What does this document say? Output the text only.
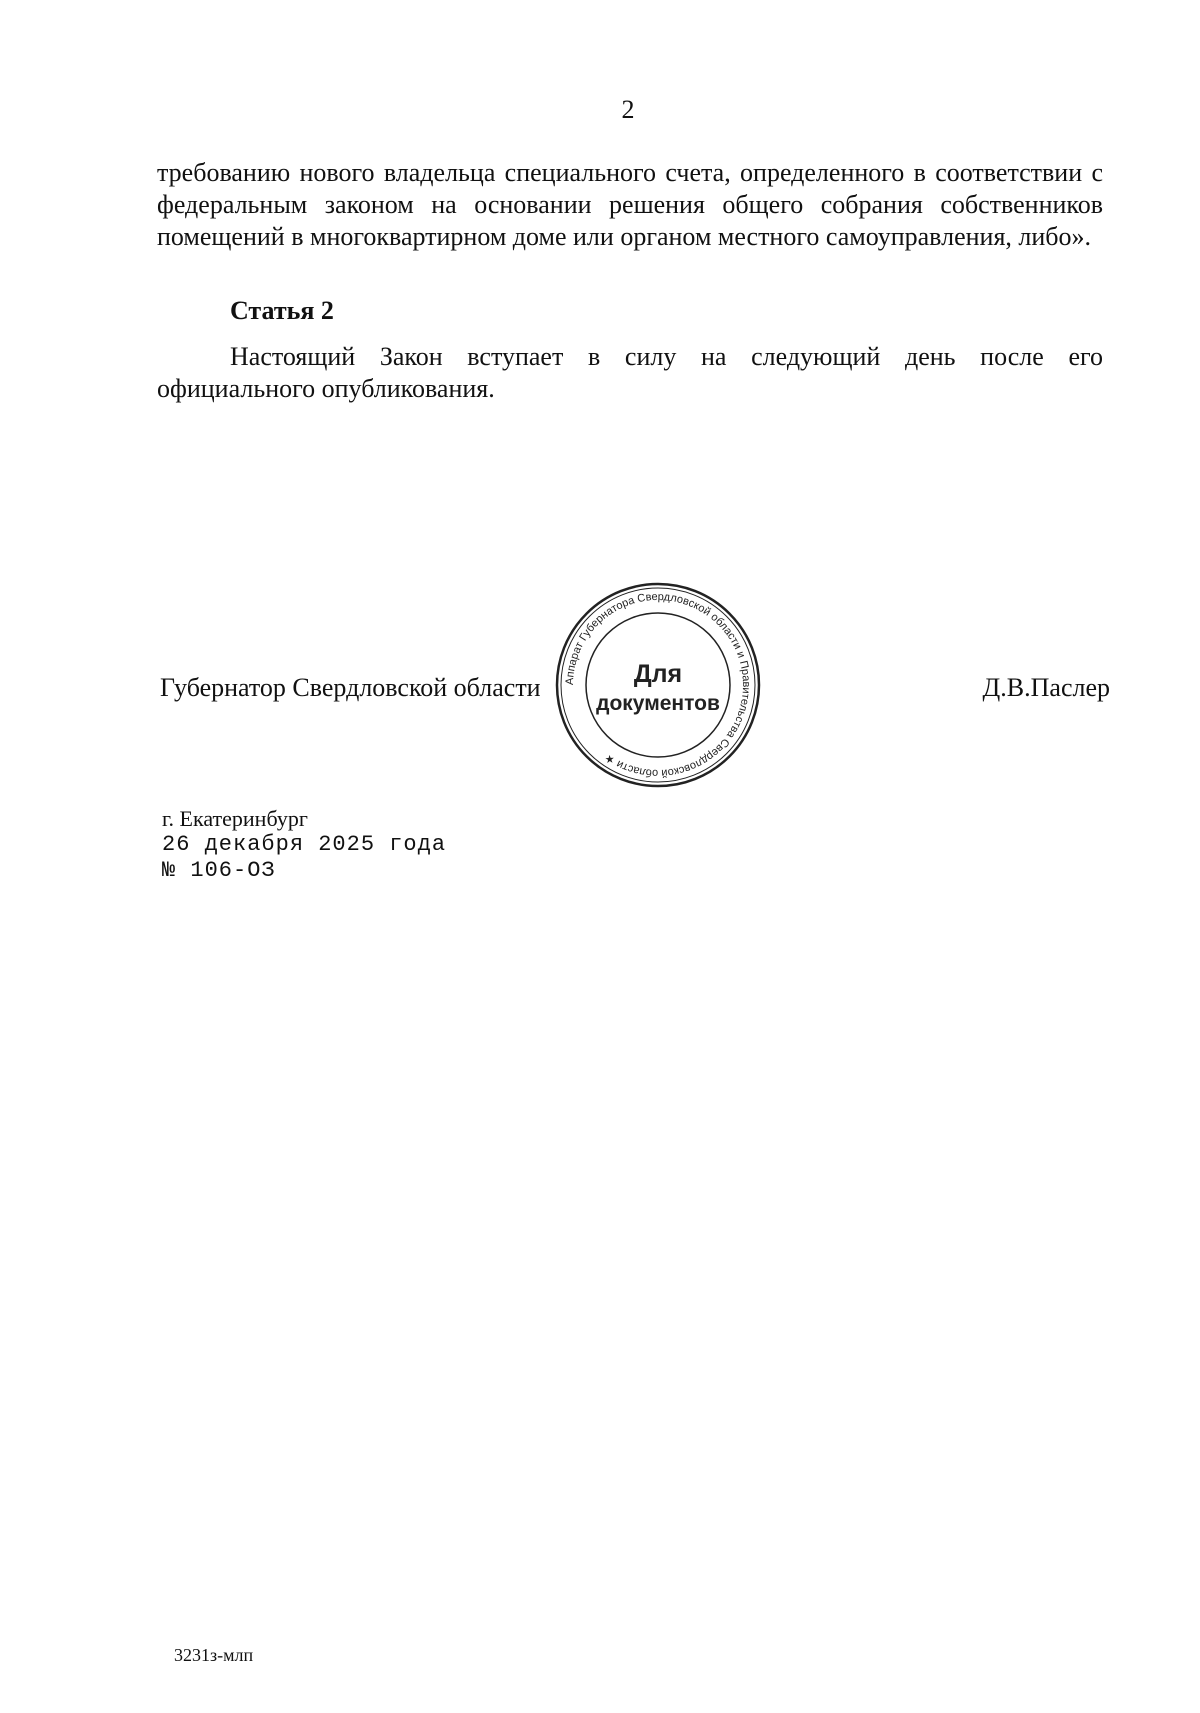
2
требованию нового владельца специального счета, определенного в соответствии с федеральным законом на основании решения общего собрания собственников помещений в многоквартирном доме или органом местного самоуправления, либо».
Статья 2
Настоящий Закон вступает в силу на следующий день после его официального опубликования.
Губернатор Свердловской области	Д.В.Паслер
Аппарат Губернатора Свердловской области и Правительства Свердловской области ★
Для
документов
г. Екатеринбург
26 декабря 2025 года
№ 106-ОЗ
3231з-млп
